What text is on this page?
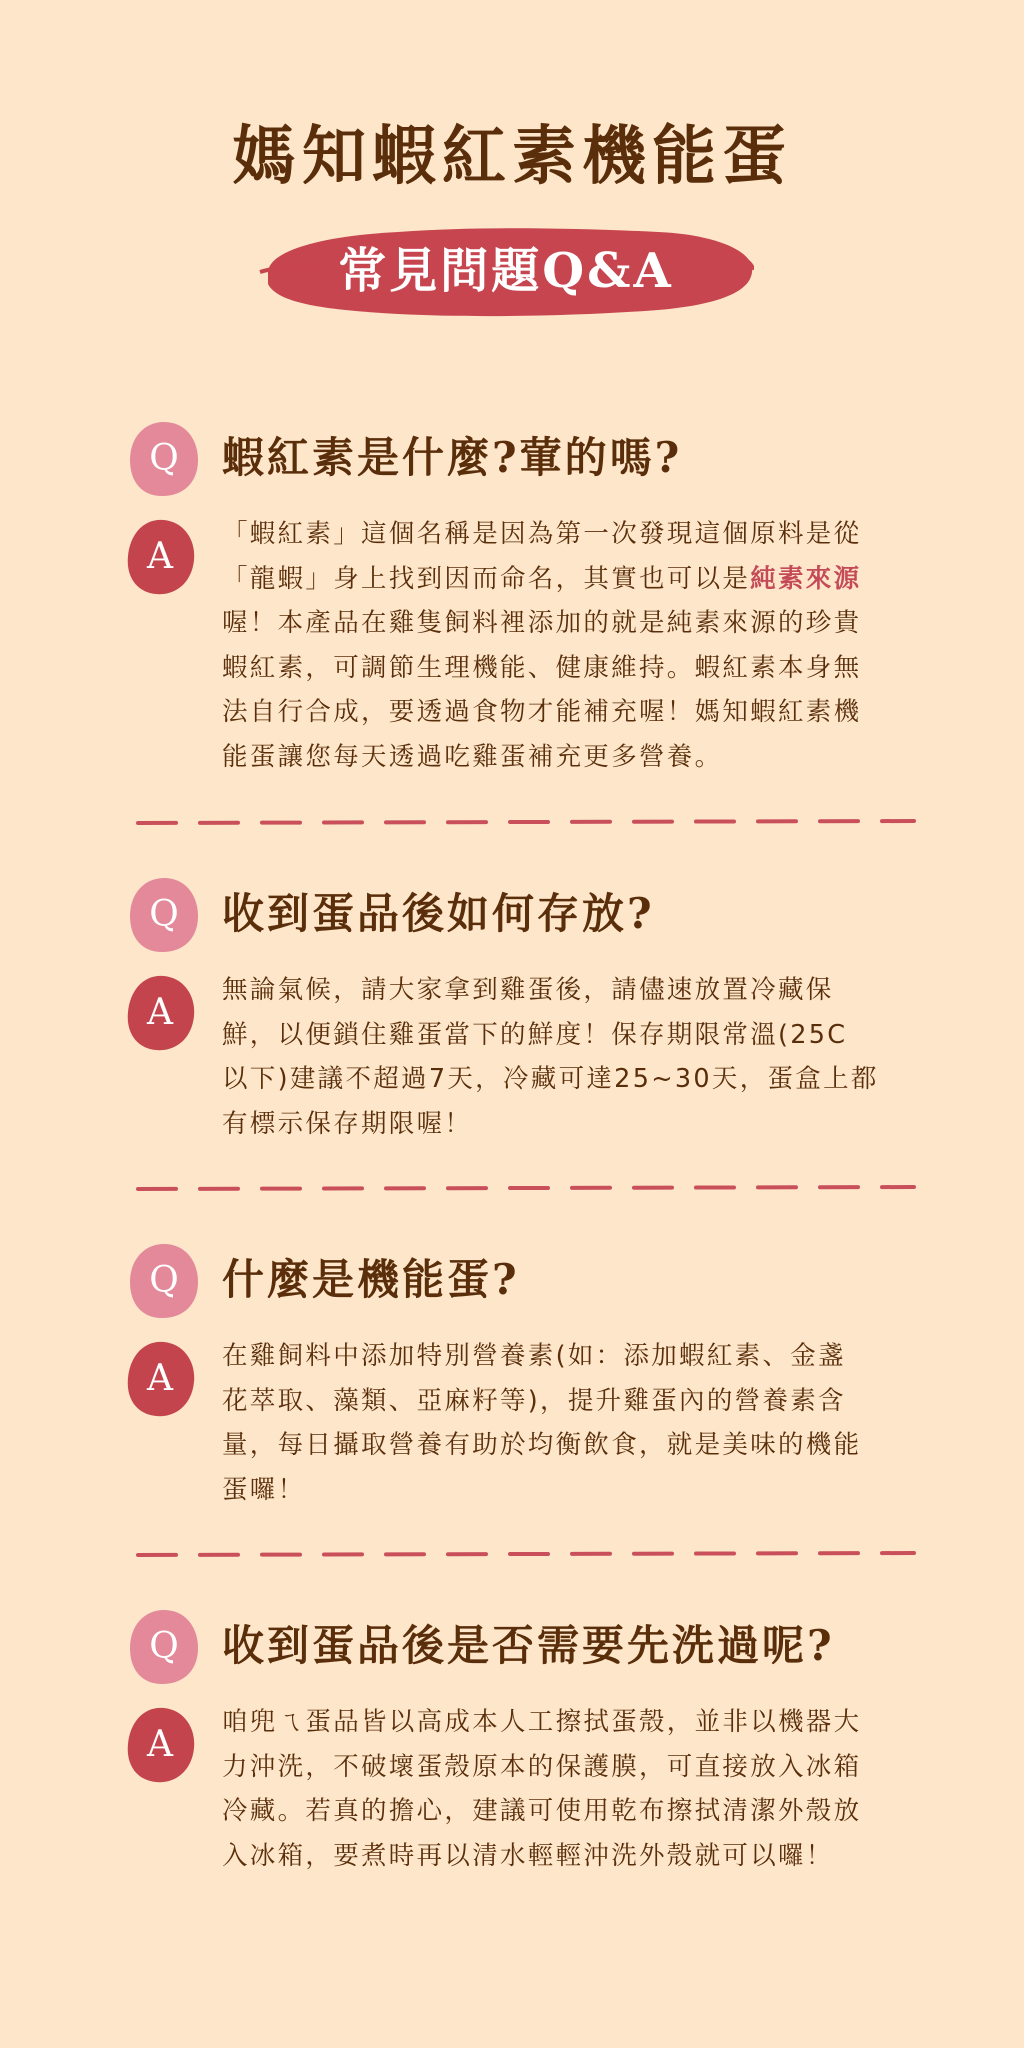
媽知蝦紅素機能蛋
常見問題Q&A
Q	蝦紅素是什麼?葷的嗎?
A
「蝦紅素」這個名稱是因為第一次發現這個原料是從
「龍蝦」身上找到因而命名，其實也可以是純素來源
喔！本產品在雞隻飼料裡添加的就是純素來源的珍貴
蝦紅素，可調節生理機能、健康維持。蝦紅素本身無
法自行合成，要透過食物才能補充喔！媽知蝦紅素機
能蛋讓您每天透過吃雞蛋補充更多營養。
Q	收到蛋品後如何存放?
A
無論氣候，請大家拿到雞蛋後，請儘速放置冷藏保
鮮，以便鎖住雞蛋當下的鮮度！保存期限常溫(25C
以下)建議不超過7天，冷藏可達25~30天，蛋盒上都
有標示保存期限喔！
Q	什麼是機能蛋?
A
在雞飼料中添加特別營養素(如：添加蝦紅素、金盞
花萃取、藻類、亞麻籽等)，提升雞蛋內的營養素含
量，每日攝取營養有助於均衡飲食，就是美味的機能
蛋囉！
Q	收到蛋品後是否需要先洗過呢?
A
咱兜ㄟ蛋品皆以高成本人工擦拭蛋殼，並非以機器大
力沖洗，不破壞蛋殼原本的保護膜，可直接放入冰箱
冷藏。若真的擔心，建議可使用乾布擦拭清潔外殼放
入冰箱，要煮時再以清水輕輕沖洗外殼就可以囉！
